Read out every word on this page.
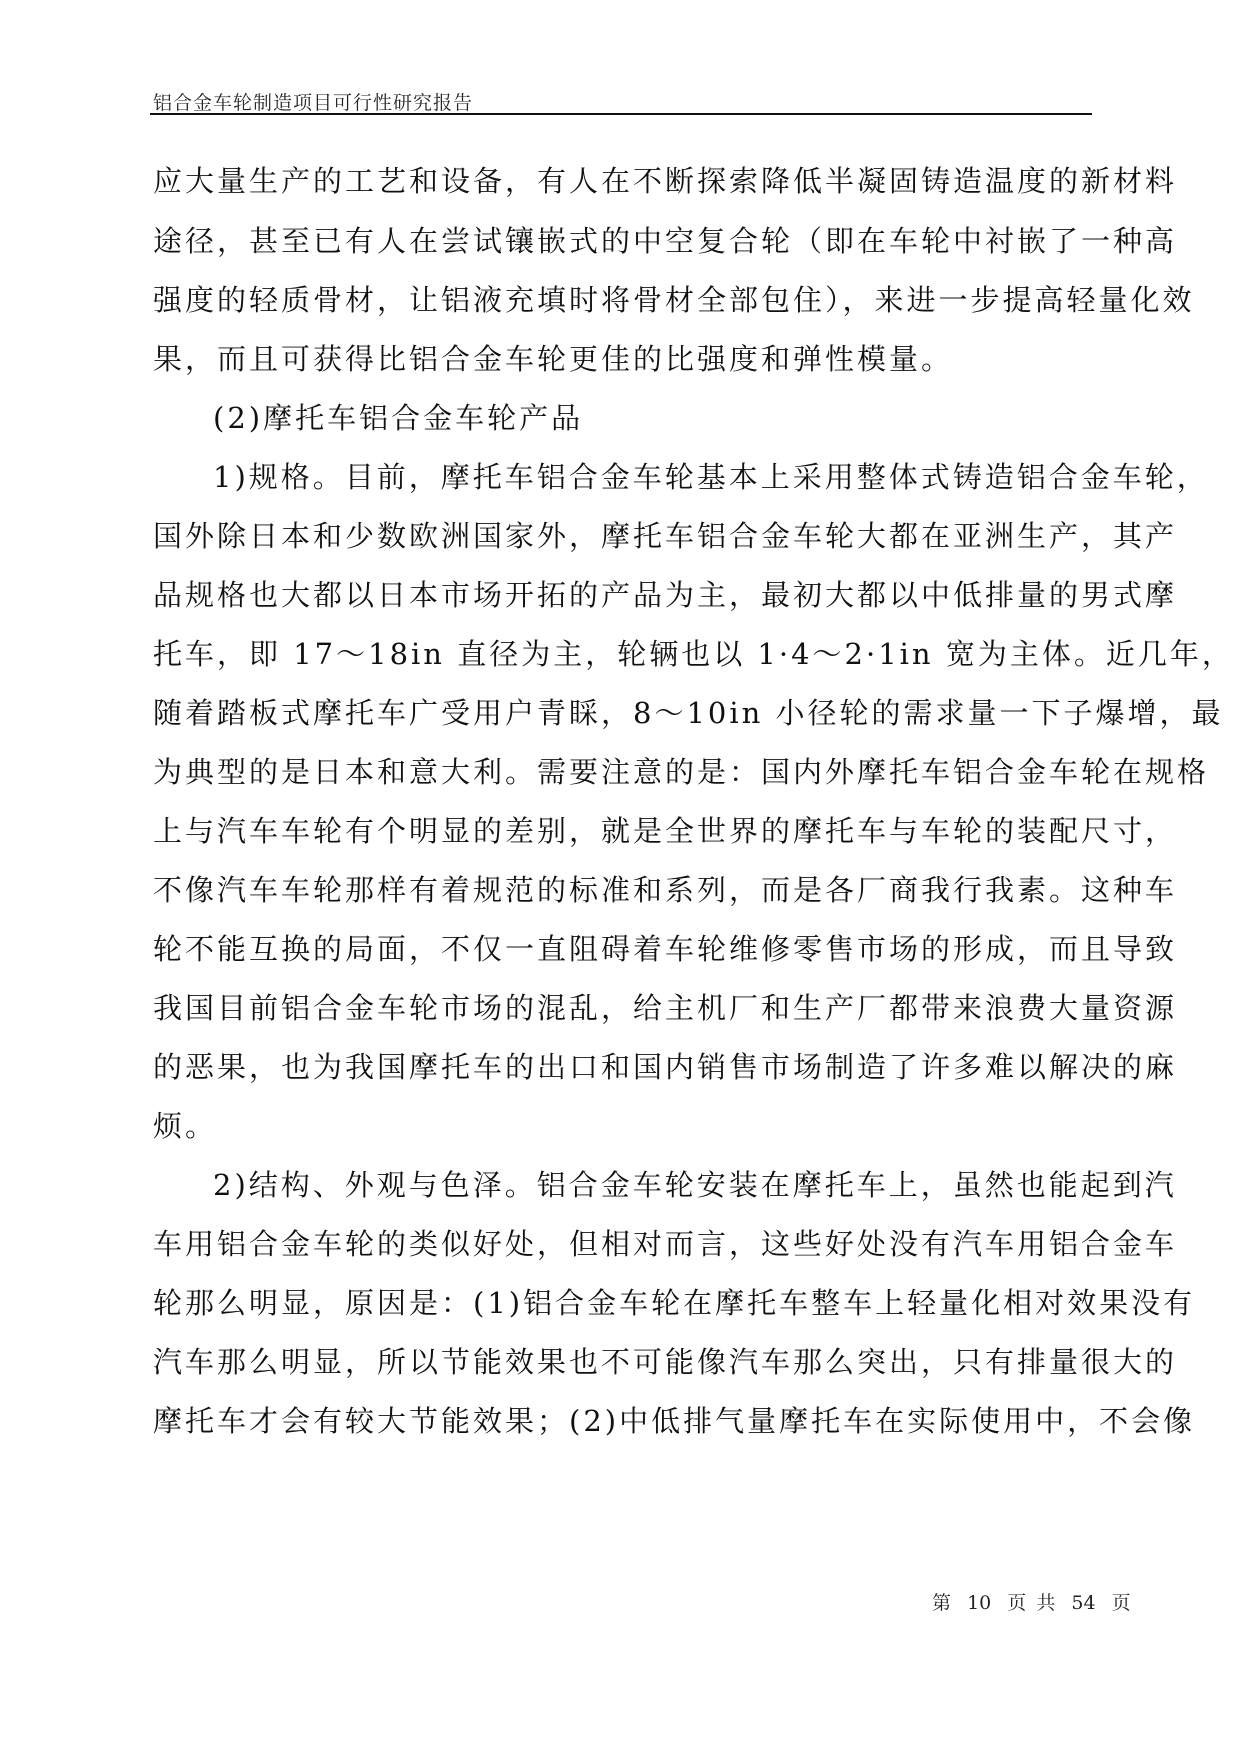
铝合金车轮制造项目可行性研究报告
应大量生产的工艺和设备，有人在不断探索降低半凝固铸造温度的新材料
途径，甚至已有人在尝试镶嵌式的中空复合轮（即在车轮中衬嵌了一种高
强度的轻质骨材，让铝液充填时将骨材全部包住），来进一步提高轻量化效
果，而且可获得比铝合金车轮更佳的比强度和弹性模量。
(2)摩托车铝合金车轮产品
1)规格。目前，摩托车铝合金车轮基本上采用整体式铸造铝合金车轮，
国外除日本和少数欧洲国家外，摩托车铝合金车轮大都在亚洲生产，其产
品规格也大都以日本市场开拓的产品为主，最初大都以中低排量的男式摩
托车，即 17～18in 直径为主，轮辆也以 1·4～2·1in 宽为主体。近几年，
随着踏板式摩托车广受用户青睬，8～10in 小径轮的需求量一下子爆增，最
为典型的是日本和意大利。需要注意的是：国内外摩托车铝合金车轮在规格
上与汽车车轮有个明显的差别，就是全世界的摩托车与车轮的装配尺寸，
不像汽车车轮那样有着规范的标准和系列，而是各厂商我行我素。这种车
轮不能互换的局面，不仅一直阻碍着车轮维修零售市场的形成，而且导致
我国目前铝合金车轮市场的混乱，给主机厂和生产厂都带来浪费大量资源
的恶果，也为我国摩托车的出口和国内销售市场制造了许多难以解决的麻
烦。
2)结构、外观与色泽。铝合金车轮安装在摩托车上，虽然也能起到汽
车用铝合金车轮的类似好处，但相对而言，这些好处没有汽车用铝合金车
轮那么明显，原因是：(1)铝合金车轮在摩托车整车上轻量化相对效果没有
汽车那么明显，所以节能效果也不可能像汽车那么突出，只有排量很大的
摩托车才会有较大节能效果；(2)中低排气量摩托车在实际使用中，不会像
第 10 页 共 54 页
